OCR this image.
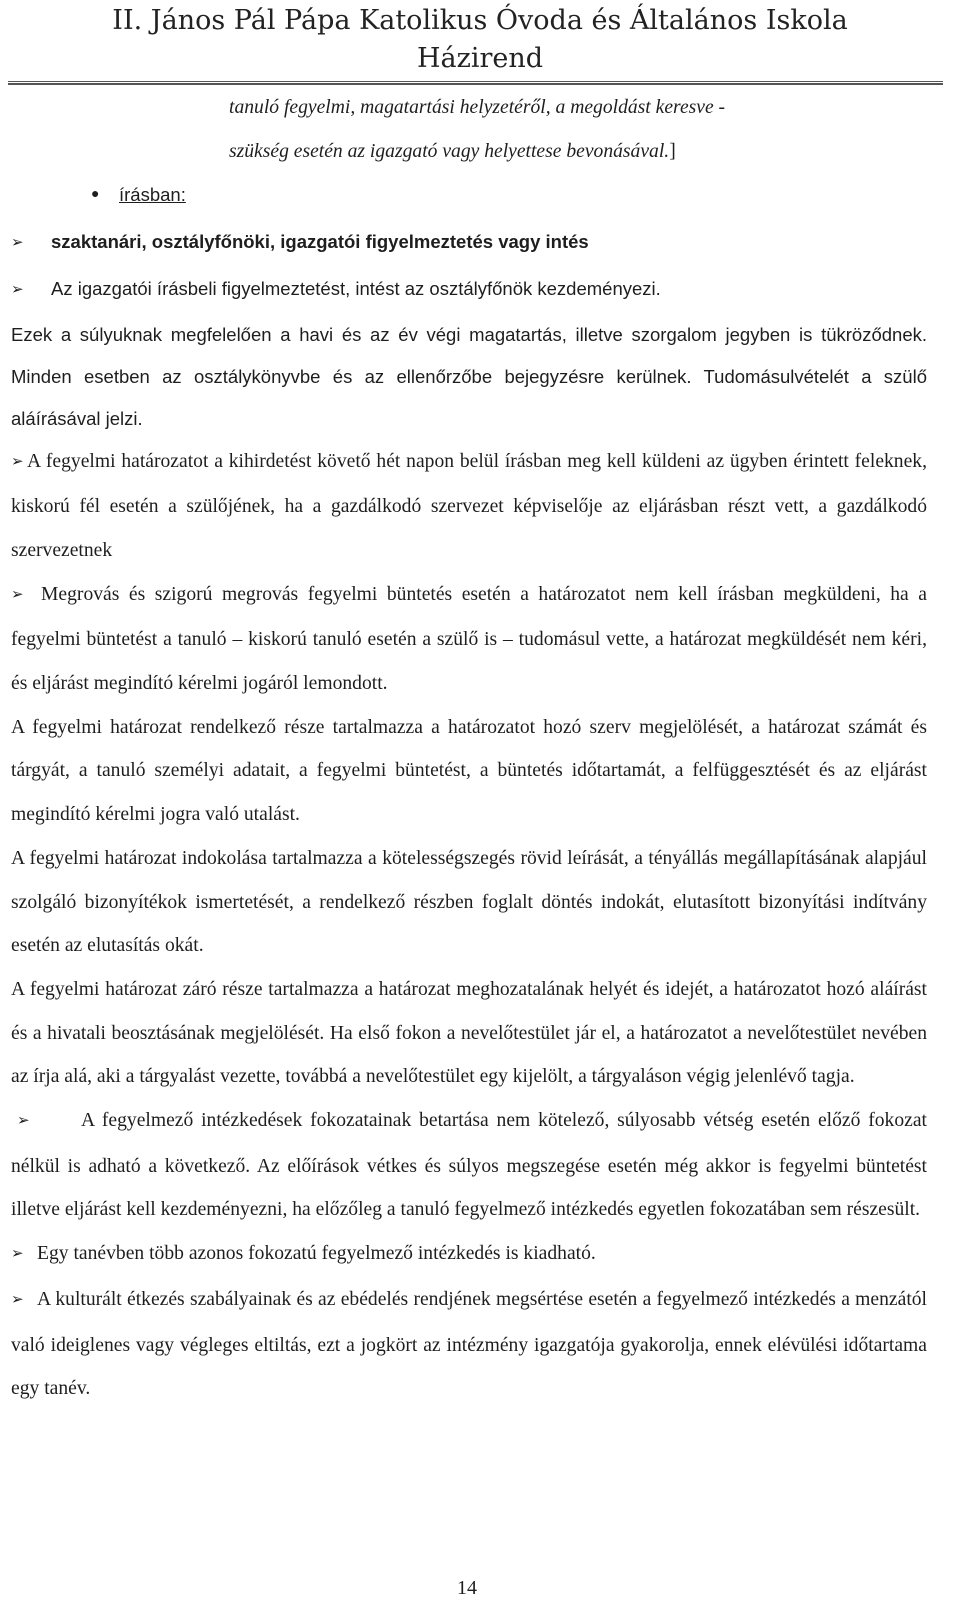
II. János Pál Pápa Katolikus Óvoda és Általános Iskola
Házirend

tanuló fegyelmi, magatartási helyzetéről, a megoldást keresve -

szükség esetén az igazgató vagy helyettese bevonásával.]

● írásban:

➢ szaktanári, osztályfőnöki, igazgatói figyelmeztetés vagy intés

➢ Az igazgatói írásbeli figyelmeztetést, intést az osztályfőnök kezdeményezi.

Ezek a súlyuknak megfelelően a havi és az év végi magatartás, illetve szorgalom jegyben is tükröződnek. Minden esetben az osztálykönyvbe és az ellenőrzőbe bejegyzésre kerülnek. Tudomásulvételét a szülő aláírásával jelzi.

➢ A fegyelmi határozatot a kihirdetést követő hét napon belül írásban meg kell küldeni az ügyben érintett feleknek, kiskorú fél esetén a szülőjének, ha a gazdálkodó szervezet képviselője az eljárásban részt vett, a gazdálkodó szervezetnek

➢ Megrovás és szigorú megrovás fegyelmi büntetés esetén a határozatot nem kell írásban megküldeni, ha a fegyelmi büntetést a tanuló – kiskorú tanuló esetén a szülő is – tudomásul vette, a határozat megküldését nem kéri, és eljárást megindító kérelmi jogáról lemondott.

A fegyelmi határozat rendelkező része tartalmazza a határozatot hozó szerv megjelölését, a határozat számát és tárgyát, a tanuló személyi adatait, a fegyelmi büntetést, a büntetés időtartamát, a felfüggesztését és az eljárást megindító kérelmi jogra való utalást.

A fegyelmi határozat indokolása tartalmazza a kötelességszegés rövid leírását, a tényállás megállapításának alapjául szolgáló bizonyítékok ismertetését, a rendelkező részben foglalt döntés indokát, elutasított bizonyítási indítvány esetén az elutasítás okát.

A fegyelmi határozat záró része tartalmazza a határozat meghozatalának helyét és idejét, a határozatot hozó aláírást és a hivatali beosztásának megjelölését. Ha első fokon a nevelőtestület jár el, a határozatot a nevelőtestület nevében az írja alá, aki a tárgyalást vezette, továbbá a nevelőtestület egy kijelölt, a tárgyaláson végig jelenlévő tagja.

➢	A fegyelmező intézkedések fokozatainak betartása nem kötelező, súlyosabb vétség esetén előző fokozat nélkül is adható a következő. Az előírások vétkes és súlyos megszegése esetén még akkor is fegyelmi büntetést illetve eljárást kell kezdeményezni, ha előzőleg a tanuló fegyelmező intézkedés egyetlen fokozatában sem részesült.

➢ Egy tanévben több azonos fokozatú fegyelmező intézkedés is kiadható.

➢ A kulturált étkezés szabályainak és az ebédelés rendjének megsértése esetén a fegyelmező intézkedés a menzától való ideiglenes vagy végleges eltiltás, ezt a jogkört az intézmény igazgatója gyakorolja, ennek elévülési időtartama egy tanév.

14
